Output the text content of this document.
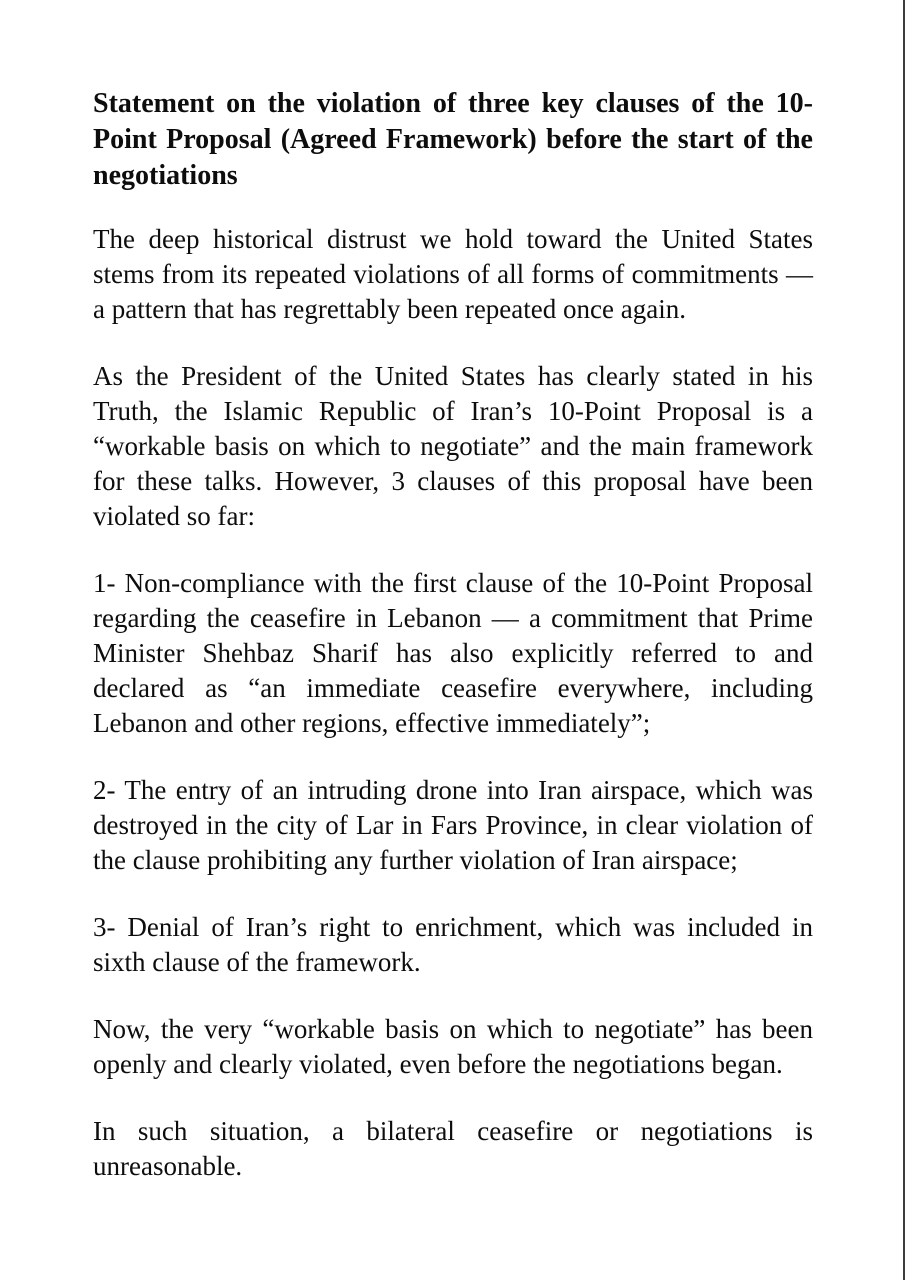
Statement on the violation of three key clauses of the 10-Point Proposal (Agreed Framework) before the start of the negotiations

The deep historical distrust we hold toward the United States stems from its repeated violations of all forms of commitments — a pattern that has regrettably been repeated once again.

As the President of the United States has clearly stated in his Truth, the Islamic Republic of Iran’s 10-Point Proposal is a “workable basis on which to negotiate” and the main framework for these talks. However, 3 clauses of this proposal have been violated so far:

1- Non-compliance with the first clause of the 10-Point Proposal regarding the ceasefire in Lebanon — a commitment that Prime Minister Shehbaz Sharif has also explicitly referred to and declared as “an immediate ceasefire everywhere, including Lebanon and other regions, effective immediately”;

2- The entry of an intruding drone into Iran airspace, which was destroyed in the city of Lar in Fars Province, in clear violation of the clause prohibiting any further violation of Iran airspace;

3- Denial of Iran’s right to enrichment, which was included in sixth clause of the framework.

Now, the very “workable basis on which to negotiate” has been openly and clearly violated, even before the negotiations began.

In such situation, a bilateral ceasefire or negotiations is unreasonable.
